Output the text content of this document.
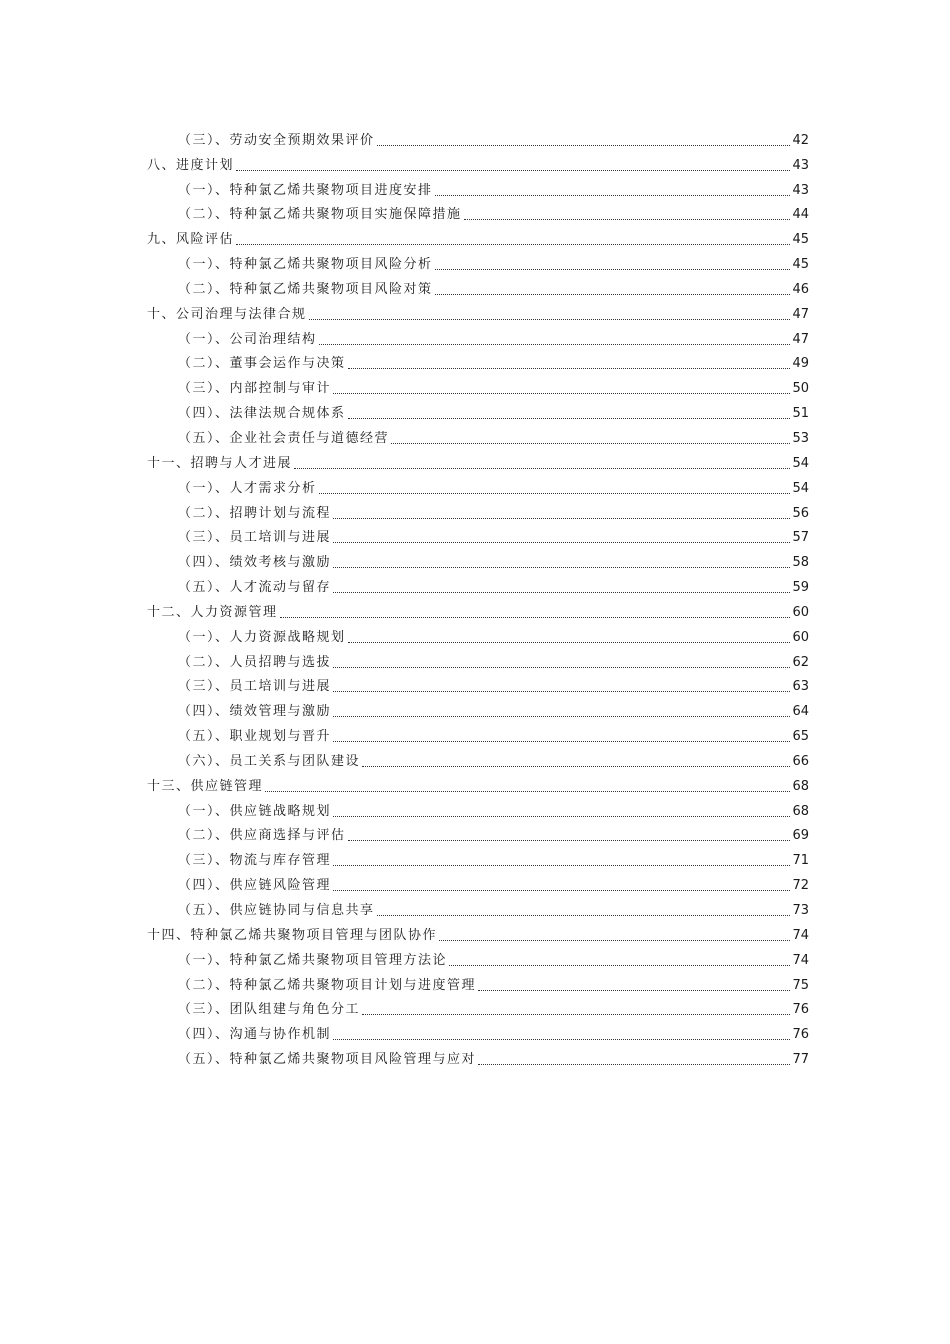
（三）、劳动安全预期效果评价	42
八、进度计划	43
（一）、特种氯乙烯共聚物项目进度安排	43
（二）、特种氯乙烯共聚物项目实施保障措施	44
九、风险评估	45
（一）、特种氯乙烯共聚物项目风险分析	45
（二）、特种氯乙烯共聚物项目风险对策	46
十、公司治理与法律合规	47
（一）、公司治理结构	47
（二）、董事会运作与决策	49
（三）、内部控制与审计	50
（四）、法律法规合规体系	51
（五）、企业社会责任与道德经营	53
十一、招聘与人才进展	54
（一）、人才需求分析	54
（二）、招聘计划与流程	56
（三）、员工培训与进展	57
（四）、绩效考核与激励	58
（五）、人才流动与留存	59
十二、人力资源管理	60
（一）、人力资源战略规划	60
（二）、人员招聘与选拔	62
（三）、员工培训与进展	63
（四）、绩效管理与激励	64
（五）、职业规划与晋升	65
（六）、员工关系与团队建设	66
十三、供应链管理	68
（一）、供应链战略规划	68
（二）、供应商选择与评估	69
（三）、物流与库存管理	71
（四）、供应链风险管理	72
（五）、供应链协同与信息共享	73
十四、特种氯乙烯共聚物项目管理与团队协作	74
（一）、特种氯乙烯共聚物项目管理方法论	74
（二）、特种氯乙烯共聚物项目计划与进度管理	75
（三）、团队组建与角色分工	76
（四）、沟通与协作机制	76
（五）、特种氯乙烯共聚物项目风险管理与应对	77
